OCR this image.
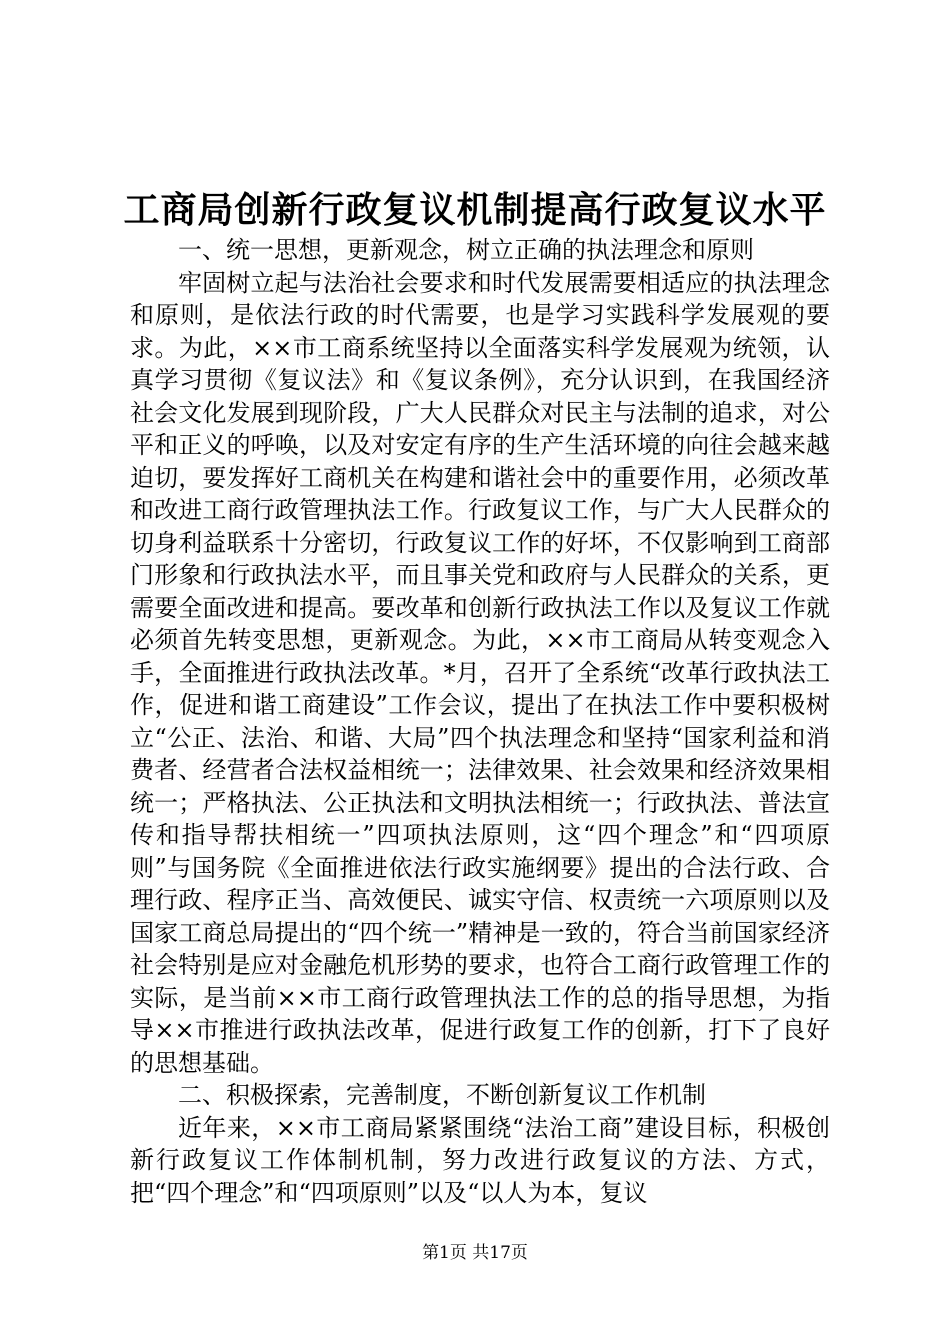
工商局创新行政复议机制提高行政复议水平

一、统一思想，更新观念，树立正确的执法理念和原则

牢固树立起与法治社会要求和时代发展需要相适应的执法理念和原则，是依法行政的时代需要，也是学习实践科学发展观的要求。为此，××市工商系统坚持以全面落实科学发展观为统领，认真学习贯彻《复议法》和《复议条例》，充分认识到，在我国经济社会文化发展到现阶段，广大人民群众对民主与法制的追求，对公平和正义的呼唤，以及对安定有序的生产生活环境的向往会越来越迫切，要发挥好工商机关在构建和谐社会中的重要作用，必须改革和改进工商行政管理执法工作。行政复议工作，与广大人民群众的切身利益联系十分密切，行政复议工作的好坏，不仅影响到工商部门形象和行政执法水平，而且事关党和政府与人民群众的关系，更需要全面改进和提高。要改革和创新行政执法工作以及复议工作就必须首先转变思想，更新观念。为此，××市工商局从转变观念入手，全面推进行政执法改革。*月，召开了全系统“改革行政执法工作，促进和谐工商建设”工作会议，提出了在执法工作中要积极树立“公正、法治、和谐、大局”四个执法理念和坚持“国家利益和消费者、经营者合法权益相统一；法律效果、社会效果和经济效果相统一；严格执法、公正执法和文明执法相统一；行政执法、普法宣传和指导帮扶相统一”四项执法原则，这“四个理念”和“四项原则”与国务院《全面推进依法行政实施纲要》提出的合法行政、合理行政、程序正当、高效便民、诚实守信、权责统一六项原则以及国家工商总局提出的“四个统一”精神是一致的，符合当前国家经济社会特别是应对金融危机形势的要求，也符合工商行政管理工作的实际，是当前××市工商行政管理执法工作的总的指导思想，为指导××市推进行政执法改革，促进行政复工作的创新，打下了良好的思想基础。

二、积极探索，完善制度，不断创新复议工作机制

近年来，××市工商局紧紧围绕“法治工商”建设目标，积极创新行政复议工作体制机制，努力改进行政复议的方法、方式，把“四个理念”和“四项原则”以及“以人为本，复议

第1页 共17页
